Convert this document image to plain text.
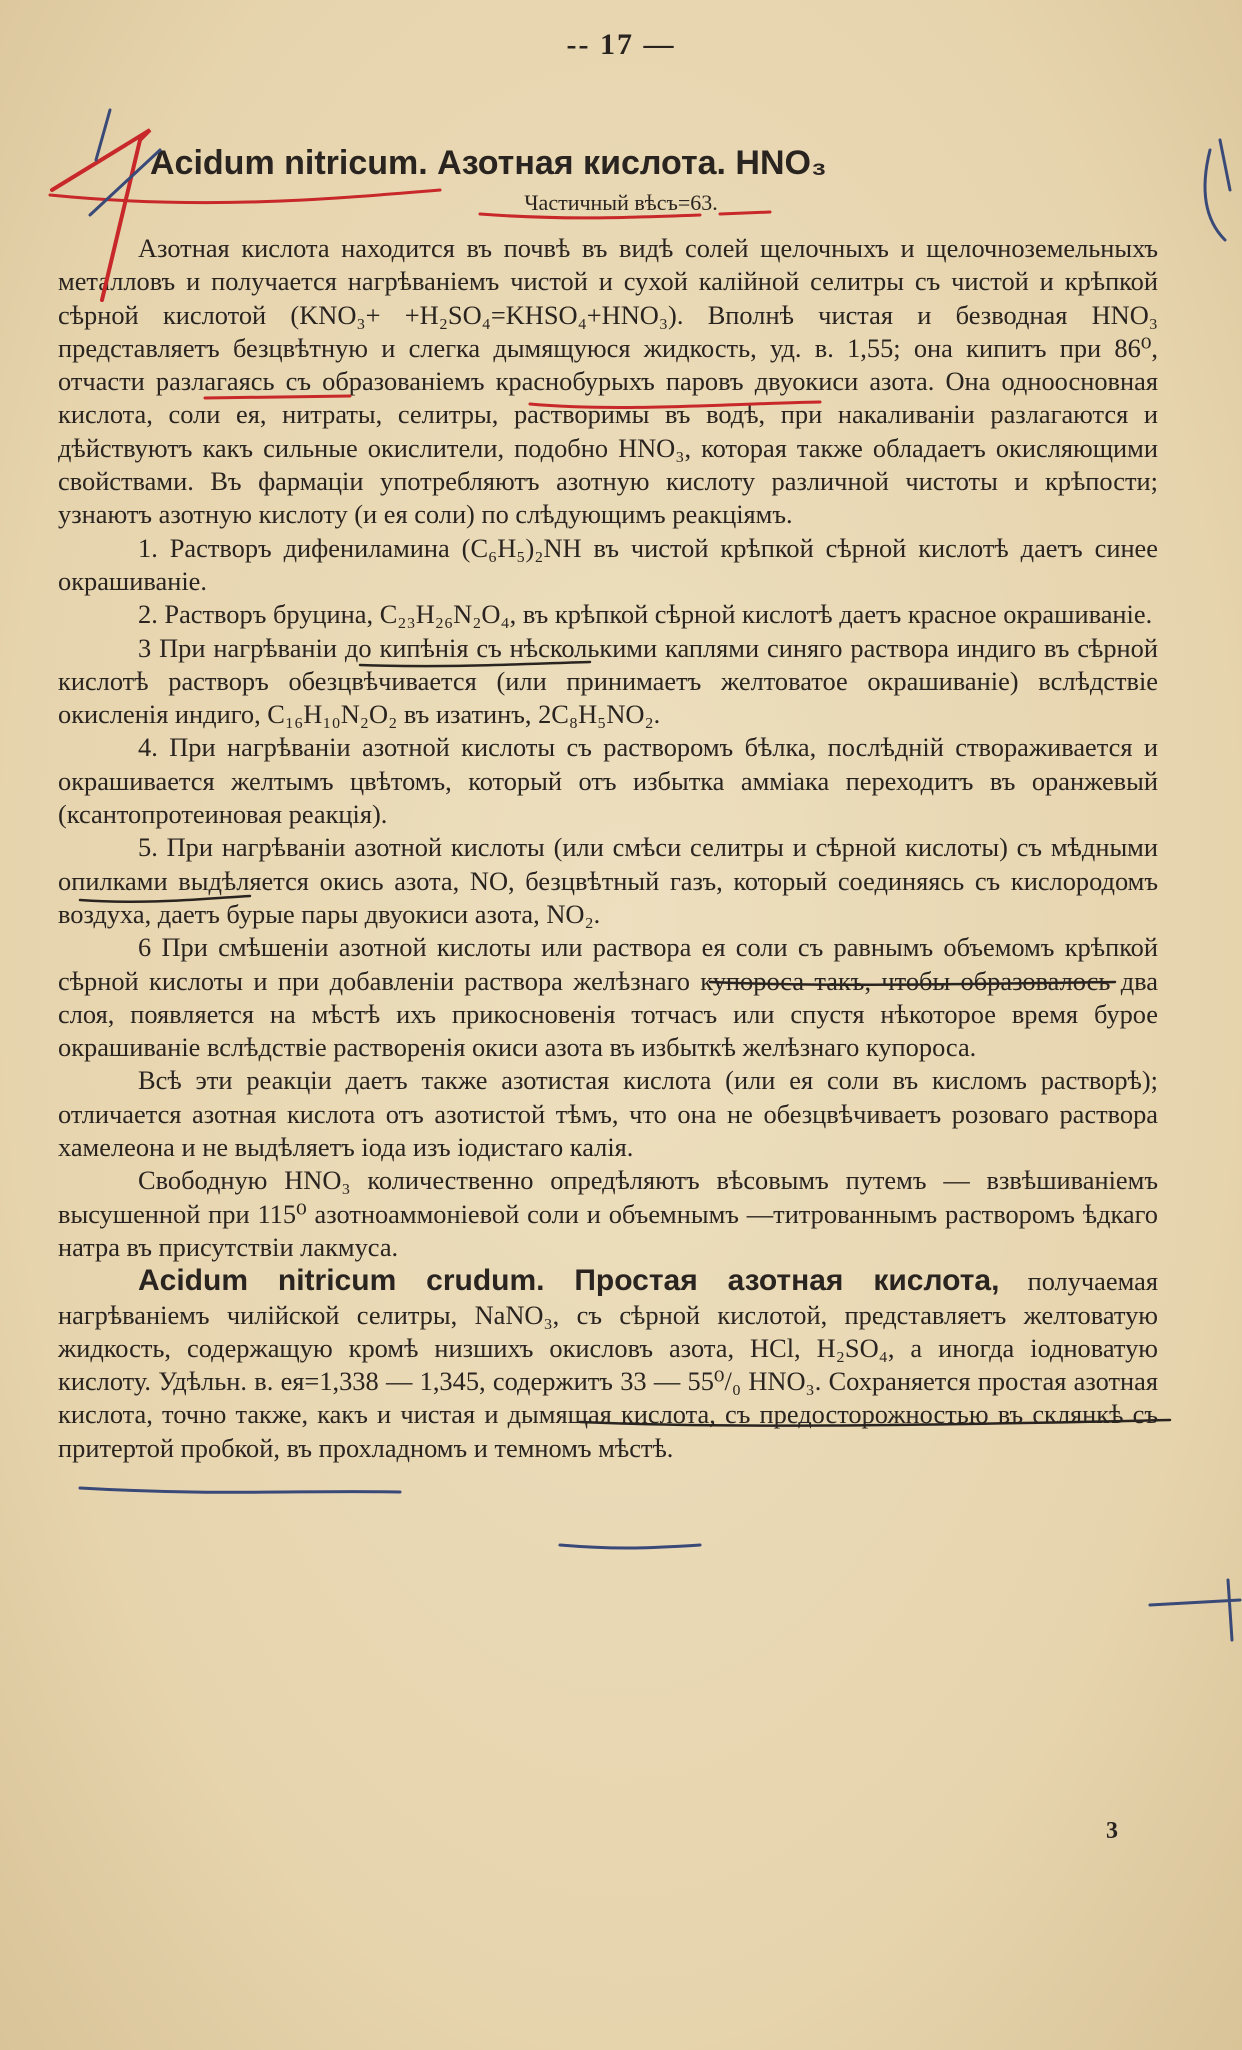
-- 17 —
Acidum nitricum. Азотная кислота. HNO₃
Частичный вѣсъ=63.

Азотная кислота находится въ почвѣ въ видѣ солей щелочныхъ и щелочноземельныхъ металловъ и получается нагрѣваніемъ чистой и сухой калійной селитры съ чистой и крѣпкой сѣрной кислотой (KNO₃+ +H₂SO₄=KHSO₄+HNO₃). Вполнѣ чистая и безводная HNO₃ представляетъ безцвѣтную и слегка дымящуюся жидкость, уд. в. 1,55; она кипитъ при 86⁰, отчасти разлагаясь съ образованіемъ краснобурыхъ паровъ двуокиси азота. Она одноосновная кислота, соли ея, нитраты, селитры, растворимы въ водѣ, при накаливаніи разлагаются и дѣйствуютъ какъ сильные окислители, подобно HNO₃, которая также обладаетъ окисляющими свойствами. Въ фармаціи употребляютъ азотную кислоту различной чистоты и крѣпости; узнаютъ азотную кислоту (и ея соли) по слѣдующимъ реакціямъ.

1. Растворъ дифениламина (C₆H₅)₂NH въ чистой крѣпкой сѣрной кислотѣ даетъ синее окрашиваніе.

2. Растворъ бруцина, C₂₃H₂₆N₂O₄, въ крѣпкой сѣрной кислотѣ даетъ красное окрашиваніе.

3 При нагрѣваніи до кипѣнія съ нѣсколькими каплями синяго раствора индиго въ сѣрной кислотѣ растворъ обезцвѣчивается (или принимаетъ желтоватое окрашиваніе) вслѣдствіе окисленія индиго, C₁₆H₁₀N₂O₂ въ изатинъ, 2C₈H₅NO₂.

4. При нагрѣваніи азотной кислоты съ растворомъ бѣлка, послѣдній створаживается и окрашивается желтымъ цвѣтомъ, который отъ избытка амміака переходитъ въ оранжевый (ксантопротеиновая реакція).

5. При нагрѣваніи азотной кислоты (или смѣси селитры и сѣрной кислоты) съ мѣдными опилками выдѣляется окись азота, NO, безцвѣтный газъ, который соединяясь съ кислородомъ воздуха, даетъ бурые пары двуокиси азота, NO₂.

6 При смѣшеніи азотной кислоты или раствора ея соли съ равнымъ объемомъ крѣпкой сѣрной кислоты и при добавленіи раствора желѣзнаго купороса такъ, чтобы образовалось два слоя, появляется на мѣстѣ ихъ прикосновенія тотчасъ или спустя нѣкоторое время бурое окрашиваніе вслѣдствіе растворенія окиси азота въ избыткѣ желѣзнаго купороса.

Всѣ эти реакціи даетъ также азотистая кислота (или ея соли въ кисломъ растворѣ); отличается азотная кислота отъ азотистой тѣмъ, что она не обезцвѣчиваетъ розоваго раствора хамелеона и не выдѣляетъ іода изъ іодистаго калія.

Свободную HNO₃ количественно опредѣляютъ вѣсовымъ путемъ — взвѣшиваніемъ высушенной при 115⁰ азотноаммоніевой соли и объемнымъ —титрованнымъ растворомъ ѣдкаго натра въ присутствіи лакмуса.

Acidum nitricum crudum. Простая азотная кислота, получаемая нагрѣваніемъ чилійской селитры, NaNO₃, съ сѣрной кислотой, представляетъ желтоватую жидкость, содержащую кромѣ низшихъ окисловъ азота, HCl, H₂SO₄, а иногда іодноватую кислоту. Удѣльн. в. ея=1,338 — 1,345, содержитъ 33 — 55⁰/₀ HNO₃. Сохраняется простая азотная кислота, точно также, какъ и чистая и дымящая кислота, съ предосторожностью въ склянкѣ съ притертой пробкой, въ прохладномъ и темномъ мѣстѣ.

3
